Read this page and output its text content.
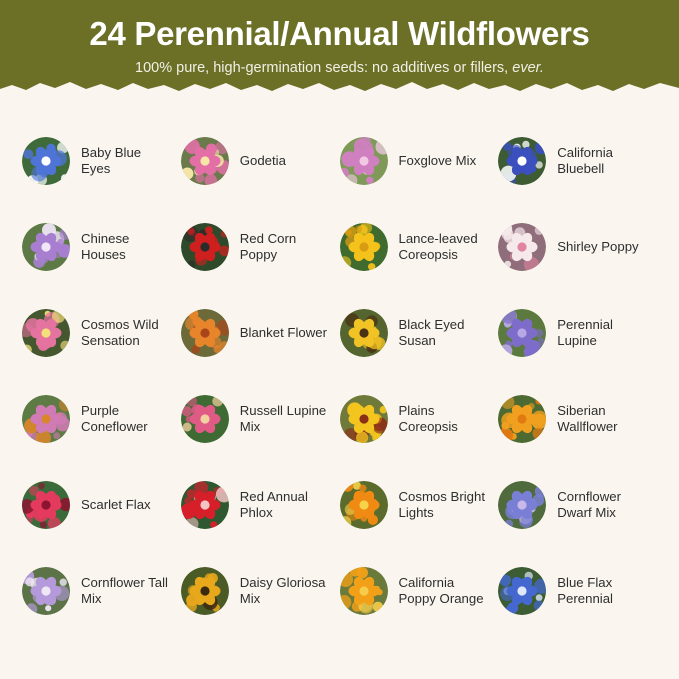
24 Perennial/Annual Wildflowers
100% pure, high-germination seeds: no additives or fillers, ever.
Baby Blue Eyes
Godetia	Foxglove Mix
California Bluebell
Chinese Houses
Red Corn Poppy
Lance-leaved Coreopsis
Shirley Poppy
Cosmos Wild Sensation
Blanket Flower
Black Eyed Susan
Perennial Lupine
Purple Coneflower
Russell Lupine Mix
Plains Coreopsis
Siberian Wallflower
Scarlet Flax
Red Annual Phlox
Cosmos Bright Lights
Cornflower Dwarf Mix
Cornflower Tall Mix
Daisy Gloriosa Mix
California Poppy Orange
Blue Flax Perennial
